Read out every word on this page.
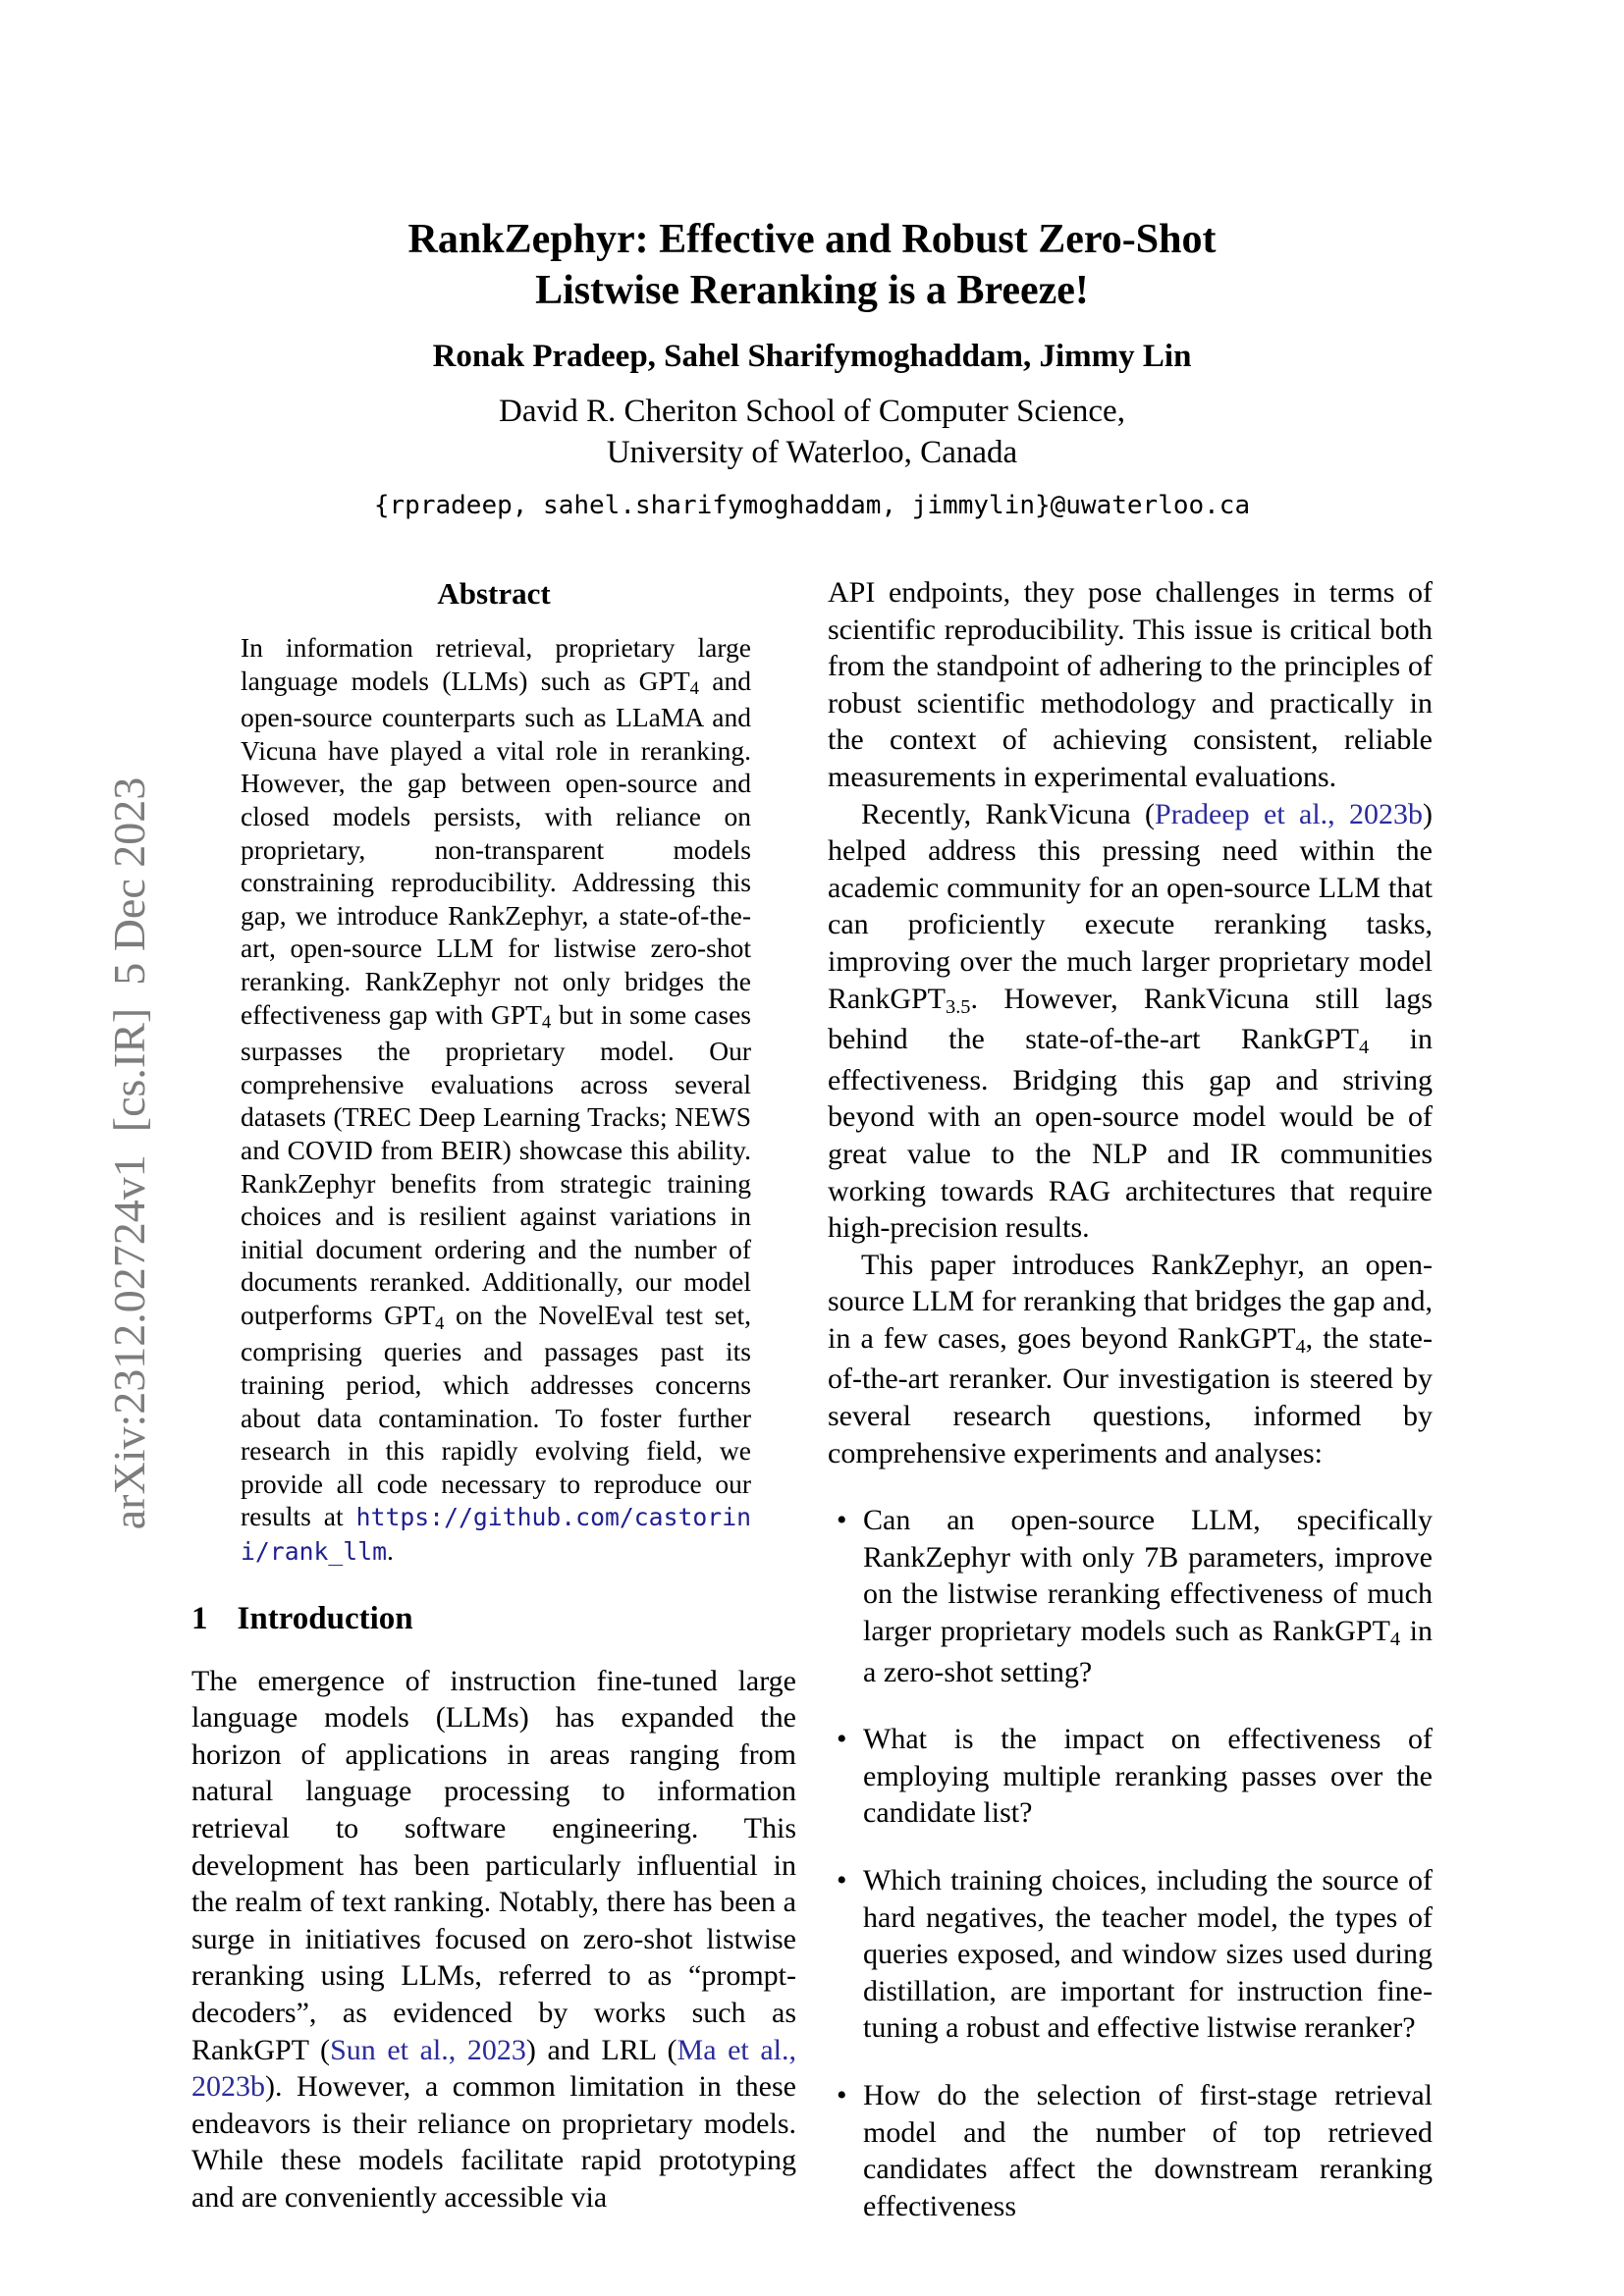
arXiv:2312.02724v1  [cs.IR]  5 Dec 2023

RankZephyr: Effective and Robust Zero-Shot
Listwise Reranking is a Breeze!
Ronak Pradeep, Sahel Sharifymoghaddam, Jimmy Lin
David R. Cheriton School of Computer Science,
University of Waterloo, Canada
{rpradeep, sahel.sharifymoghaddam, jimmylin}@uwaterloo.ca
Abstract

In information retrieval, proprietary large language models (LLMs) such as GPT4 and open-source counterparts such as LLaMA and Vicuna have played a vital role in reranking. However, the gap between open-source and closed models persists, with reliance on proprietary, non-transparent models constraining reproducibility. Addressing this gap, we introduce RankZephyr, a state-of-the-art, open-source LLM for listwise zero-shot reranking. RankZephyr not only bridges the effectiveness gap with GPT4 but in some cases surpasses the proprietary model. Our comprehensive evaluations across several datasets (TREC Deep Learning Tracks; NEWS and COVID from BEIR) showcase this ability. RankZephyr benefits from strategic training choices and is resilient against variations in initial document ordering and the number of documents reranked. Additionally, our model outperforms GPT4 on the NovelEval test set, comprising queries and passages past its training period, which addresses concerns about data contamination. To foster further research in this rapidly evolving field, we provide all code necessary to reproduce our results at https://github.com/castorini/rank_llm.

1 Introduction

The emergence of instruction fine-tuned large language models (LLMs) has expanded the horizon of applications in areas ranging from natural language processing to information retrieval to software engineering. This development has been particularly influential in the realm of text ranking. Notably, there has been a surge in initiatives focused on zero-shot listwise reranking using LLMs, referred to as “prompt-decoders”, as evidenced by works such as RankGPT (Sun et al., 2023) and LRL (Ma et al., 2023b). However, a common limitation in these endeavors is their reliance on proprietary models. While these models facilitate rapid prototyping and are conveniently accessible via

API endpoints, they pose challenges in terms of scientific reproducibility. This issue is critical both from the standpoint of adhering to the principles of robust scientific methodology and practically in the context of achieving consistent, reliable measurements in experimental evaluations.

Recently, RankVicuna (Pradeep et al., 2023b) helped address this pressing need within the academic community for an open-source LLM that can proficiently execute reranking tasks, improving over the much larger proprietary model RankGPT3.5. However, RankVicuna still lags behind the state-of-the-art RankGPT4 in effectiveness. Bridging this gap and striving beyond with an open-source model would be of great value to the NLP and IR communities working towards RAG architectures that require high-precision results.

This paper introduces RankZephyr, an open-source LLM for reranking that bridges the gap and, in a few cases, goes beyond RankGPT4, the state-of-the-art reranker. Our investigation is steered by several research questions, informed by comprehensive experiments and analyses:

• Can an open-source LLM, specifically RankZephyr with only 7B parameters, improve on the listwise reranking effectiveness of much larger proprietary models such as RankGPT4 in a zero-shot setting?
• What is the impact on effectiveness of employing multiple reranking passes over the candidate list?
• Which training choices, including the source of hard negatives, the teacher model, the types of queries exposed, and window sizes used during distillation, are important for instruction fine-tuning a robust and effective listwise reranker?
• How do the selection of first-stage retrieval model and the number of top retrieved candidates affect the downstream reranking effectiveness
